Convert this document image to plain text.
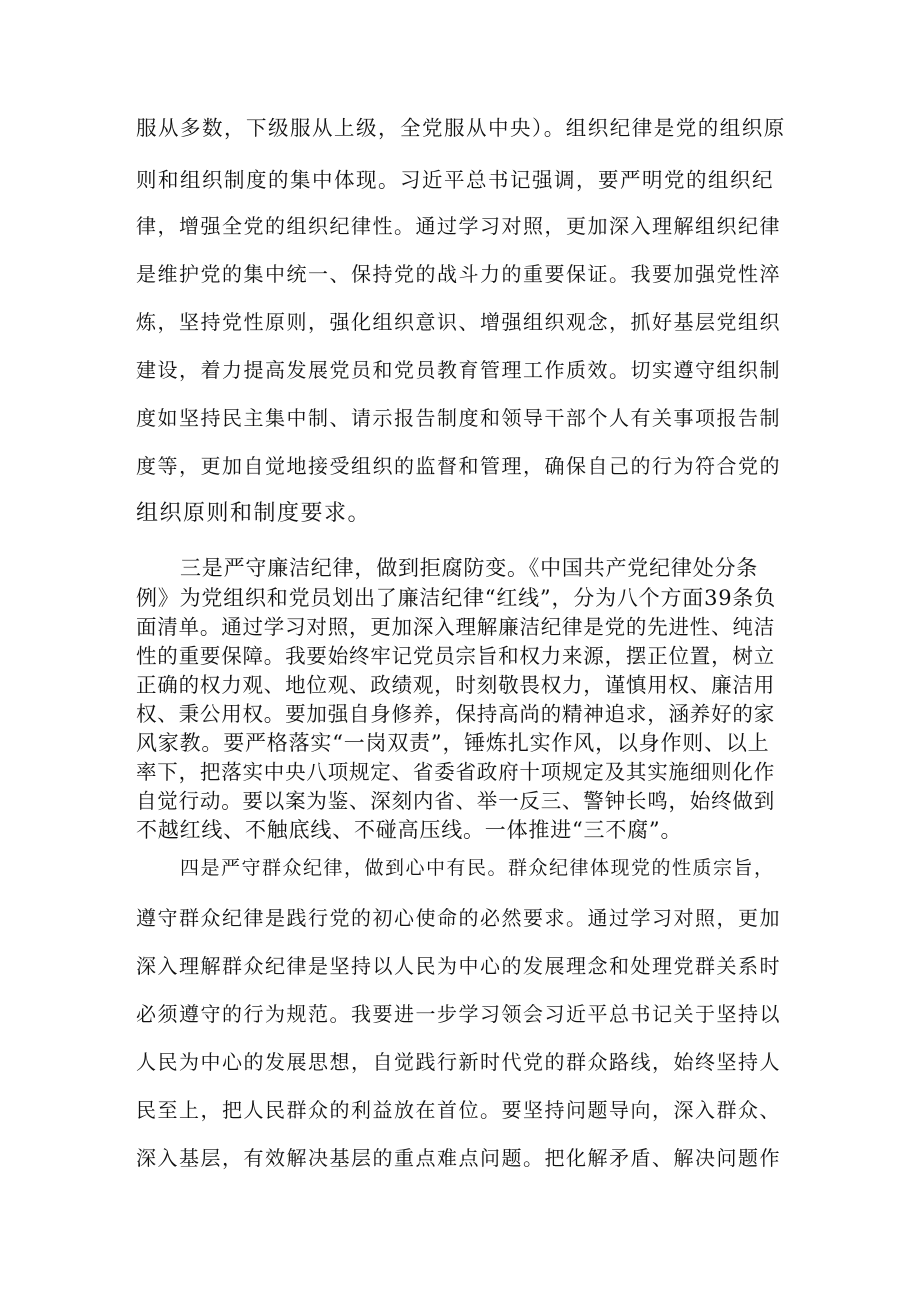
服从多数，下级服从上级，全党服从中央）。组织纪律是党的组织原
则和组织制度的集中体现。习近平总书记强调，要严明党的组织纪
律，增强全党的组织纪律性。通过学习对照，更加深入理解组织纪律
是维护党的集中统一、保持党的战斗力的重要保证。我要加强党性淬
炼，坚持党性原则，强化组织意识、增强组织观念，抓好基层党组织
建设，着力提高发展党员和党员教育管理工作质效。切实遵守组织制
度如坚持民主集中制、请示报告制度和领导干部个人有关事项报告制
度等，更加自觉地接受组织的监督和管理，确保自己的行为符合党的
组织原则和制度要求。
三是严守廉洁纪律，做到拒腐防变。《中国共产党纪律处分条
例》为党组织和党员划出了廉洁纪律“红线”，分为八个方面39条负
面清单。通过学习对照，更加深入理解廉洁纪律是党的先进性、纯洁
性的重要保障。我要始终牢记党员宗旨和权力来源，摆正位置，树立
正确的权力观、地位观、政绩观，时刻敬畏权力，谨慎用权、廉洁用
权、秉公用权。要加强自身修养，保持高尚的精神追求，涵养好的家
风家教。要严格落实“一岗双责”，锤炼扎实作风，以身作则、以上
率下，把落实中央八项规定、省委省政府十项规定及其实施细则化作
自觉行动。要以案为鉴、深刻内省、举一反三、警钟长鸣，始终做到
不越红线、不触底线、不碰高压线。一体推进“三不腐”。
四是严守群众纪律，做到心中有民。群众纪律体现党的性质宗旨，
遵守群众纪律是践行党的初心使命的必然要求。通过学习对照，更加
深入理解群众纪律是坚持以人民为中心的发展理念和处理党群关系时
必须遵守的行为规范。我要进一步学习领会习近平总书记关于坚持以
人民为中心的发展思想，自觉践行新时代党的群众路线，始终坚持人
民至上，把人民群众的利益放在首位。要坚持问题导向，深入群众、
深入基层，有效解决基层的重点难点问题。把化解矛盾、解决问题作
